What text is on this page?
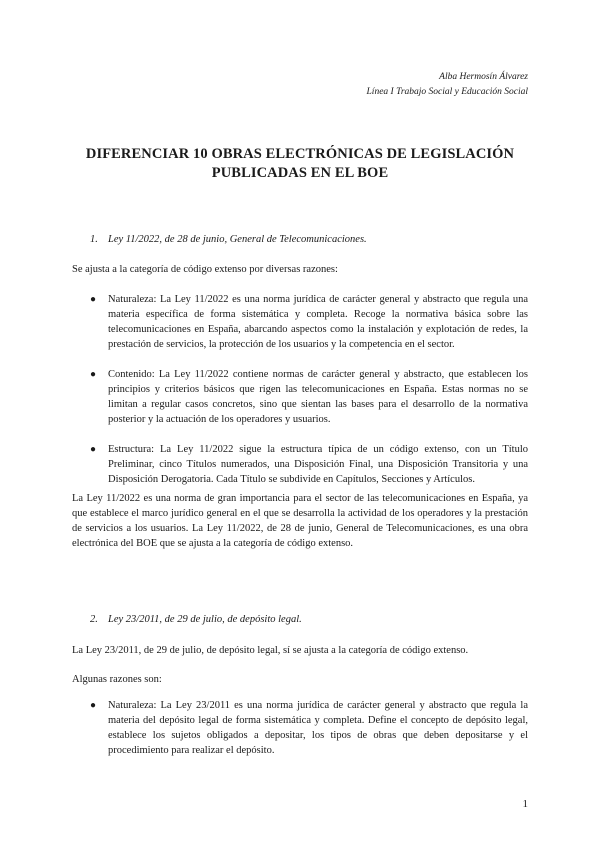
Alba Hermosín Álvarez
Línea I Trabajo Social y Educación Social
DIFERENCIAR 10 OBRAS ELECTRÓNICAS DE LEGISLACIÓN
PUBLICADAS EN EL BOE
1. Ley 11/2022, de 28 de junio, General de Telecomunicaciones.
Se ajusta a la categoría de código extenso por diversas razones:
● Naturaleza: La Ley 11/2022 es una norma jurídica de carácter general y abstracto que regula una materia específica de forma sistemática y completa. Recoge la normativa básica sobre las telecomunicaciones en España, abarcando aspectos como la instalación y explotación de redes, la prestación de servicios, la protección de los usuarios y la competencia en el sector.
● Contenido: La Ley 11/2022 contiene normas de carácter general y abstracto, que establecen los principios y criterios básicos que rigen las telecomunicaciones en España. Estas normas no se limitan a regular casos concretos, sino que sientan las bases para el desarrollo de la normativa posterior y la actuación de los operadores y usuarios.
● Estructura: La Ley 11/2022 sigue la estructura típica de un código extenso, con un Título Preliminar, cinco Títulos numerados, una Disposición Final, una Disposición Transitoria y una Disposición Derogatoria. Cada Título se subdivide en Capítulos, Secciones y Artículos.
La Ley 11/2022 es una norma de gran importancia para el sector de las telecomunicaciones en España, ya que establece el marco jurídico general en el que se desarrolla la actividad de los operadores y la prestación de servicios a los usuarios. La Ley 11/2022, de 28 de junio, General de Telecomunicaciones, es una obra electrónica del BOE que se ajusta a la categoría de código extenso.
2. Ley 23/2011, de 29 de julio, de depósito legal.
La Ley 23/2011, de 29 de julio, de depósito legal, sí se ajusta a la categoría de código extenso.
Algunas razones son:
● Naturaleza: La Ley 23/2011 es una norma jurídica de carácter general y abstracto que regula la materia del depósito legal de forma sistemática y completa. Define el concepto de depósito legal, establece los sujetos obligados a depositar, los tipos de obras que deben depositarse y el procedimiento para realizar el depósito.
1
